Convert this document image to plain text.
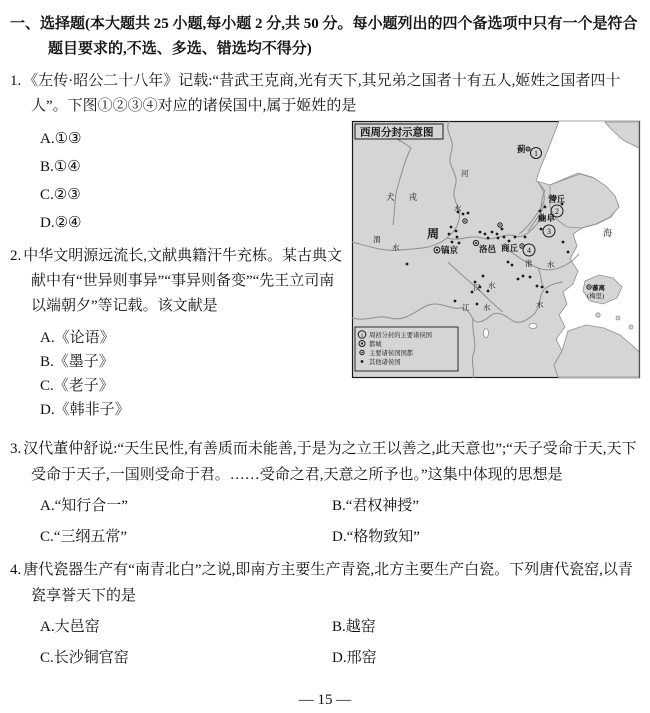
一、选择题(本大题共 25 小题,每小题 2 分,共 50 分。每小题列出的四个备选项中只有一个是符合题目要求的,不选、多选、错选均不得分)

1. 《左传·昭公二十八年》记载:“昔武王克商,光有天下,其兄弟之国者十有五人,姬姓之国者四十人”。下图①②③④对应的诸侯国中,属于姬姓的是

1
2
3
4
蓟
营丘
曲阜
商丘
周
镐京 洛邑
犬戎
海
蕃离
(梅里)
河
水
渭
水
淮 水
汉 水
江 水	水
西周分封示意图
1 周初分封的主要诸侯国
都城
主要诸侯国国都
其他诸侯国
A.①③
B.①④
C.②③
D.②④

2. 中华文明源远流长,文献典籍汗牛充栋。某古典文献中有“世异则事异”“事异则备变”“先王立司南以端朝夕”等记载。该文献是

A.《论语》
B.《墨子》
C.《老子》
D.《韩非子》

3. 汉代董仲舒说:“天生民性,有善质而未能善,于是为之立王以善之,此天意也”;“天子受命于天,天下受命于天子,一国则受命于君。……受命之君,天意之所予也。”这集中体现的思想是

A.“知行合一”	B.“君权神授”
C.“三纲五常”	D.“格物致知”

4. 唐代瓷器生产有“南青北白”之说,即南方主要生产青瓷,北方主要生产白瓷。下列唐代瓷窑,以青瓷享誉天下的是

A.大邑窑	B.越窑
C.长沙铜官窑	D.邢窑
— 15 —
